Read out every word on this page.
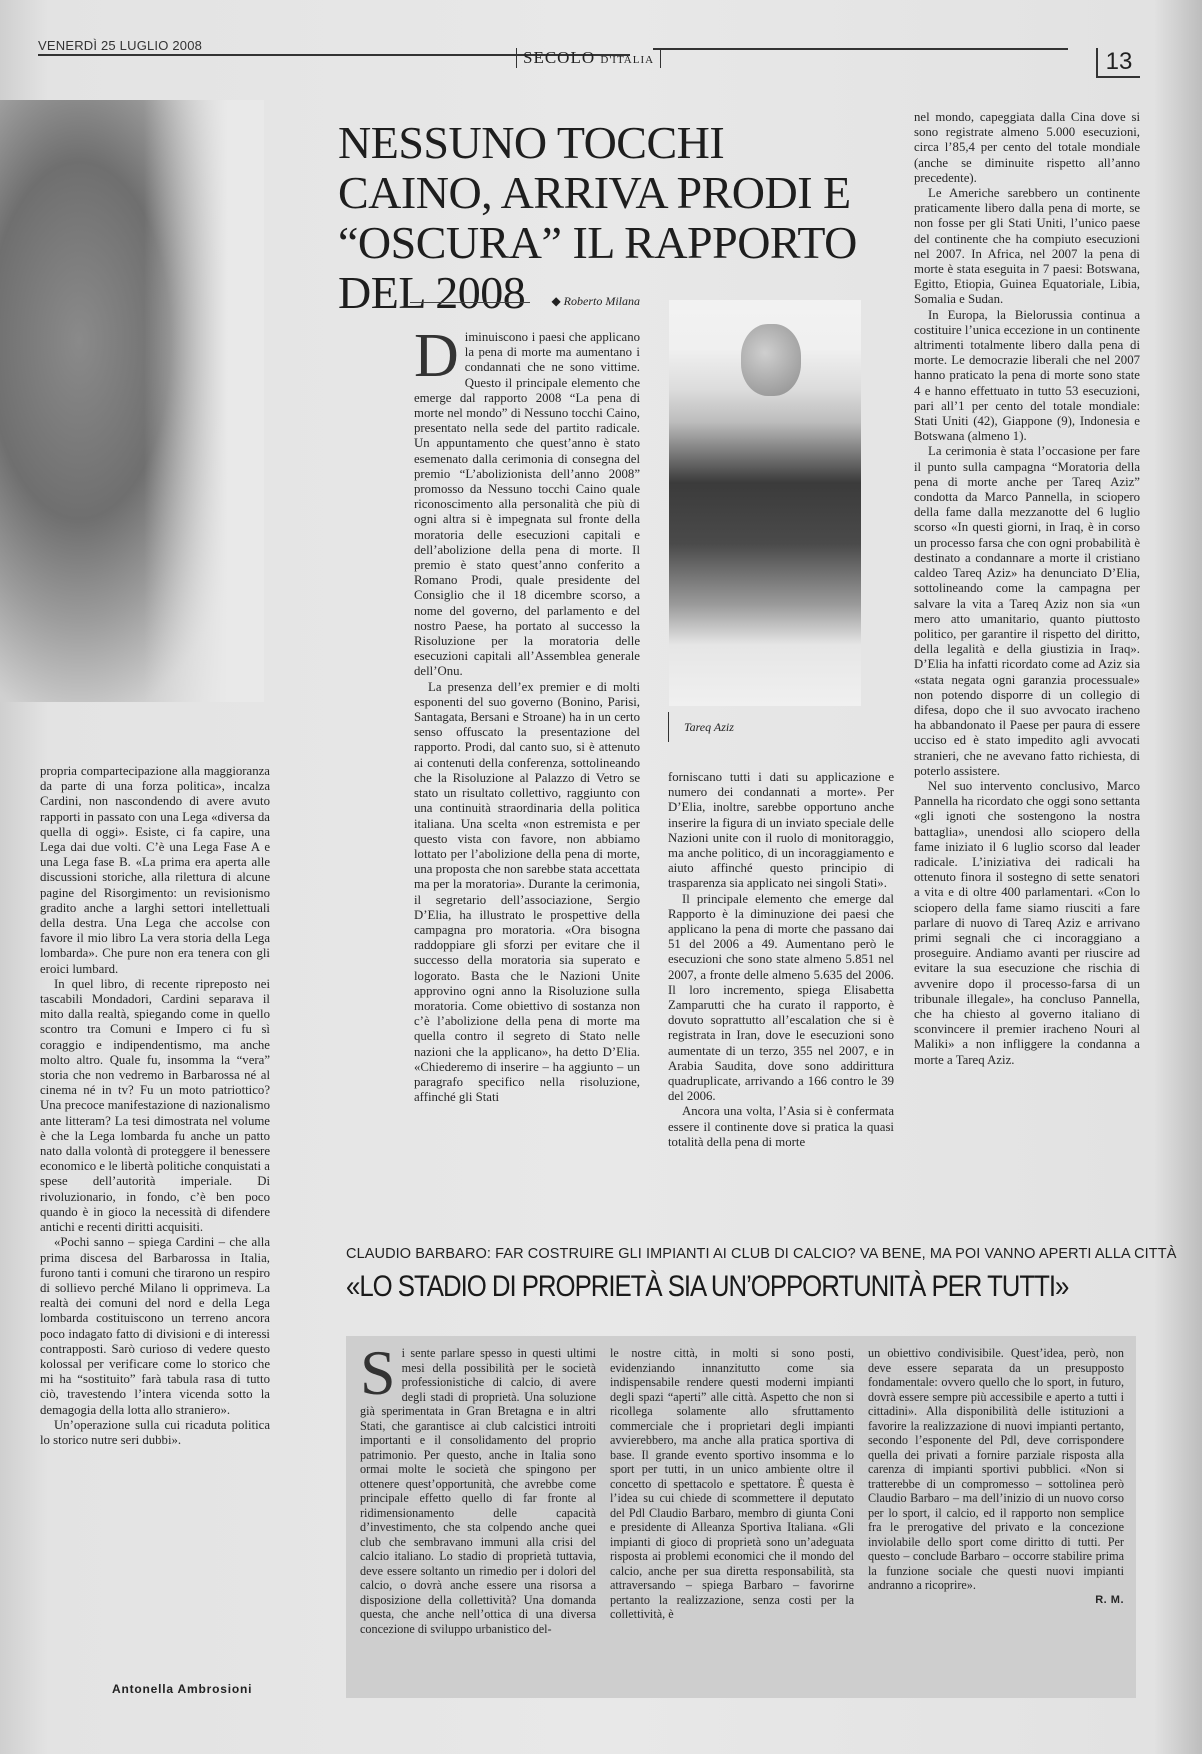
VENERDÌ 25 LUGLIO 2008
SECOLO D'ITALIA	13

propria compartecipazione alla maggioranza da parte di una forza politica», incalza Cardini, non nascondendo di avere avuto rapporti in passato con una Lega «diversa da quella di oggi». Esiste, ci fa capire, una Lega dai due volti. C’è una Lega Fase A e una Lega fase B. «La prima era aperta alle discussioni storiche, alla rilettura di alcune pagine del Risorgimento: un revisionismo gradito anche a larghi settori intellettuali della destra. Una Lega che accolse con favore il mio libro La vera storia della Lega lombarda». Che pure non era tenera con gli eroici lumbard.

In quel libro, di recente ripreposto nei tascabili Mondadori, Cardini separava il mito dalla realtà, spiegando come in quello scontro tra Comuni e Impero ci fu sì coraggio e indipendentismo, ma anche molto altro. Quale fu, insomma la “vera” storia che non vedremo in Barbarossa né al cinema né in tv? Fu un moto patriottico? Una precoce manifestazione di nazionalismo ante litteram? La tesi dimostrata nel volume è che la Lega lombarda fu anche un patto nato dalla volontà di proteggere il benessere economico e le libertà politiche conquistati a spese dell’autorità imperiale. Di rivoluzionario, in fondo, c’è ben poco quando è in gioco la necessità di difendere antichi e recenti diritti acquisiti.

«Pochi sanno – spiega Cardini – che alla prima discesa del Barbarossa in Italia, furono tanti i comuni che tirarono un respiro di sollievo perché Milano li opprimeva. La realtà dei comuni del nord e della Lega lombarda costituiscono un terreno ancora poco indagato fatto di divisioni e di interessi contrapposti. Sarò curioso di vedere questo kolossal per verificare come lo storico che mi ha “sostituito” farà tabula rasa di tutto ciò, travestendo l’intera vicenda sotto la demagogia della lotta allo straniero».

Un’operazione sulla cui ricaduta politica lo storico nutre seri dubbi».

Antonella Ambrosioni
NESSUNO TOCCHI CAINO, ARRIVA PRODI E “OSCURA” IL RAPPORTO DEL 2008	◆ Roberto Milana

Diminuiscono i paesi che applicano la pena di morte ma aumentano i condannati che ne sono vittime. Questo il principale elemento che emerge dal rapporto 2008 “La pena di morte nel mondo” di Nessuno tocchi Caino, presentato nella sede del partito radicale. Un appuntamento che quest’anno è stato esemenato dalla cerimonia di consegna del premio “L’abolizionista dell’anno 2008” promosso da Nessuno tocchi Caino quale riconoscimento alla personalità che più di ogni altra si è impegnata sul fronte della moratoria delle esecuzioni capitali e dell’abolizione della pena di morte. Il premio è stato quest’anno conferito a Romano Prodi, quale presidente del Consiglio che il 18 dicembre scorso, a nome del governo, del parlamento e del nostro Paese, ha portato al successo la Risoluzione per la moratoria delle esecuzioni capitali all’Assemblea generale dell’Onu.

La presenza dell’ex premier e di molti esponenti del suo governo (Bonino, Parisi, Santagata, Bersani e Stroane) ha in un certo senso offuscato la presentazione del rapporto. Prodi, dal canto suo, si è attenuto ai contenuti della conferenza, sottolineando che la Risoluzione al Palazzo di Vetro se stato un risultato collettivo, raggiunto con una continuità straordinaria della politica italiana. Una scelta «non estremista e per questo vista con favore, non abbiamo lottato per l’abolizione della pena di morte, una proposta che non sarebbe stata accettata ma per la moratoria». Durante la cerimonia, il segretario dell’associazione, Sergio D’Elia, ha illustrato le prospettive della campagna pro moratoria. «Ora bisogna raddoppiare gli sforzi per evitare che il successo della moratoria sia superato e logorato. Basta che le Nazioni Unite approvino ogni anno la Risoluzione sulla moratoria. Come obiettivo di sostanza non c’è l’abolizione della pena di morte ma quella contro il segreto di Stato nelle nazioni che la applicano», ha detto D’Elia. «Chiederemo di inserire – ha aggiunto – un paragrafo specifico nella risoluzione, affinché gli Stati

Tareq Aziz

forniscano tutti i dati su applicazione e numero dei condannati a morte». Per D’Elia, inoltre, sarebbe opportuno anche inserire la figura di un inviato speciale delle Nazioni unite con il ruolo di monitoraggio, ma anche politico, di un incoraggiamento e aiuto affinché questo principio di trasparenza sia applicato nei singoli Stati».

Il principale elemento che emerge dal Rapporto è la diminuzione dei paesi che applicano la pena di morte che passano dai 51 del 2006 a 49. Aumentano però le esecuzioni che sono state almeno 5.851 nel 2007, a fronte delle almeno 5.635 del 2006. Il loro incremento, spiega Elisabetta Zamparutti che ha curato il rapporto, è dovuto soprattutto all’escalation che si è registrata in Iran, dove le esecuzioni sono aumentate di un terzo, 355 nel 2007, e in Arabia Saudita, dove sono addirittura quadruplicate, arrivando a 166 contro le 39 del 2006.

Ancora una volta, l’Asia si è confermata essere il continente dove si pratica la quasi totalità della pena di morte

nel mondo, capeggiata dalla Cina dove si sono registrate almeno 5.000 esecuzioni, circa l’85,4 per cento del totale mondiale (anche se diminuite rispetto all’anno precedente).

Le Americhe sarebbero un continente praticamente libero dalla pena di morte, se non fosse per gli Stati Uniti, l’unico paese del continente che ha compiuto esecuzioni nel 2007. In Africa, nel 2007 la pena di morte è stata eseguita in 7 paesi: Botswana, Egitto, Etiopia, Guinea Equatoriale, Libia, Somalia e Sudan.

In Europa, la Bielorussia continua a costituire l’unica eccezione in un continente altrimenti totalmente libero dalla pena di morte. Le democrazie liberali che nel 2007 hanno praticato la pena di morte sono state 4 e hanno effettuato in tutto 53 esecuzioni, pari all’1 per cento del totale mondiale: Stati Uniti (42), Giappone (9), Indonesia e Botswana (almeno 1).

La cerimonia è stata l’occasione per fare il punto sulla campagna “Moratoria della pena di morte anche per Tareq Aziz” condotta da Marco Pannella, in sciopero della fame dalla mezzanotte del 6 luglio scorso «In questi giorni, in Iraq, è in corso un processo farsa che con ogni probabilità è destinato a condannare a morte il cristiano caldeo Tareq Aziz» ha denunciato D’Elia, sottolineando come la campagna per salvare la vita a Tareq Aziz non sia «un mero atto umanitario, quanto piuttosto politico, per garantire il rispetto del diritto, della legalità e della giustizia in Iraq». D’Elia ha infatti ricordato come ad Aziz sia «stata negata ogni garanzia processuale» non potendo disporre di un collegio di difesa, dopo che il suo avvocato iracheno ha abbandonato il Paese per paura di essere ucciso ed è stato impedito agli avvocati stranieri, che ne avevano fatto richiesta, di poterlo assistere.

Nel suo intervento conclusivo, Marco Pannella ha ricordato che oggi sono settanta «gli ignoti che sostengono la nostra battaglia», unendosi allo sciopero della fame iniziato il 6 luglio scorso dal leader radicale. L’iniziativa dei radicali ha ottenuto finora il sostegno di sette senatori a vita e di oltre 400 parlamentari. «Con lo sciopero della fame siamo riusciti a fare parlare di nuovo di Tareq Aziz e arrivano primi segnali che ci incoraggiano a proseguire. Andiamo avanti per riuscire ad evitare la sua esecuzione che rischia di avvenire dopo il processo-farsa di un tribunale illegale», ha concluso Pannella, che ha chiesto al governo italiano di sconvincere il premier iracheno Nouri al Maliki» a non infliggere la condanna a morte a Tareq Aziz.

CLAUDIO BARBARO: FAR COSTRUIRE GLI IMPIANTI AI CLUB DI CALCIO? VA BENE, MA POI VANNO APERTI ALLA CITTÀ
«LO STADIO DI PROPRIETÀ SIA UN’OPPORTUNITÀ PER TUTTI»

Si sente parlare spesso in questi ultimi mesi della possibilità per le società professionistiche di calcio, di avere degli stadi di proprietà. Una soluzione già sperimentata in Gran Bretagna e in altri Stati, che garantisce ai club calcistici introiti importanti e il consolidamento del proprio patrimonio. Per questo, anche in Italia sono ormai molte le società che spingono per ottenere quest’opportunità, che avrebbe come principale effetto quello di far fronte al ridimensionamento delle capacità d’investimento, che sta colpendo anche quei club che sembravano immuni alla crisi del calcio italiano. Lo stadio di proprietà tuttavia, deve essere soltanto un rimedio per i dolori del calcio, o dovrà anche essere una risorsa a disposizione della collettività? Una domanda questa, che anche nell’ottica di una diversa concezione di sviluppo urbanistico del-

le nostre città, in molti si sono posti, evidenziando innanzitutto come sia indispensabile rendere questi moderni impianti degli spazi “aperti” alle città. Aspetto che non si ricollega solamente allo sfruttamento commerciale che i proprietari degli impianti avvierebbero, ma anche alla pratica sportiva di base. Il grande evento sportivo insomma e lo sport per tutti, in un unico ambiente oltre il concetto di spettacolo e spettatore. È questa è l’idea su cui chiede di scommettere il deputato del Pdl Claudio Barbaro, membro di giunta Coni e presidente di Alleanza Sportiva Italiana. «Gli impianti di gioco di proprietà sono un’adeguata risposta ai problemi economici che il mondo del calcio, anche per sua diretta responsabilità, sta attraversando – spiega Barbaro – favorirne pertanto la realizzazione, senza costi per la collettività, è

un obiettivo condivisibile. Quest’idea, però, non deve essere separata da un presupposto fondamentale: ovvero quello che lo sport, in futuro, dovrà essere sempre più accessibile e aperto a tutti i cittadini». Alla disponibilità delle istituzioni a favorire la realizzazione di nuovi impianti pertanto, secondo l’esponente del Pdl, deve corrispondere quella dei privati a fornire parziale risposta alla carenza di impianti sportivi pubblici. «Non si tratterebbe di un compromesso – sottolinea però Claudio Barbaro – ma dell’inizio di un nuovo corso per lo sport, il calcio, ed il rapporto non semplice fra le prerogative del privato e la concezione inviolabile dello sport come diritto di tutti. Per questo – conclude Barbaro – occorre stabilire prima la funzione sociale che questi nuovi impianti andranno a ricoprire».

R. M.
